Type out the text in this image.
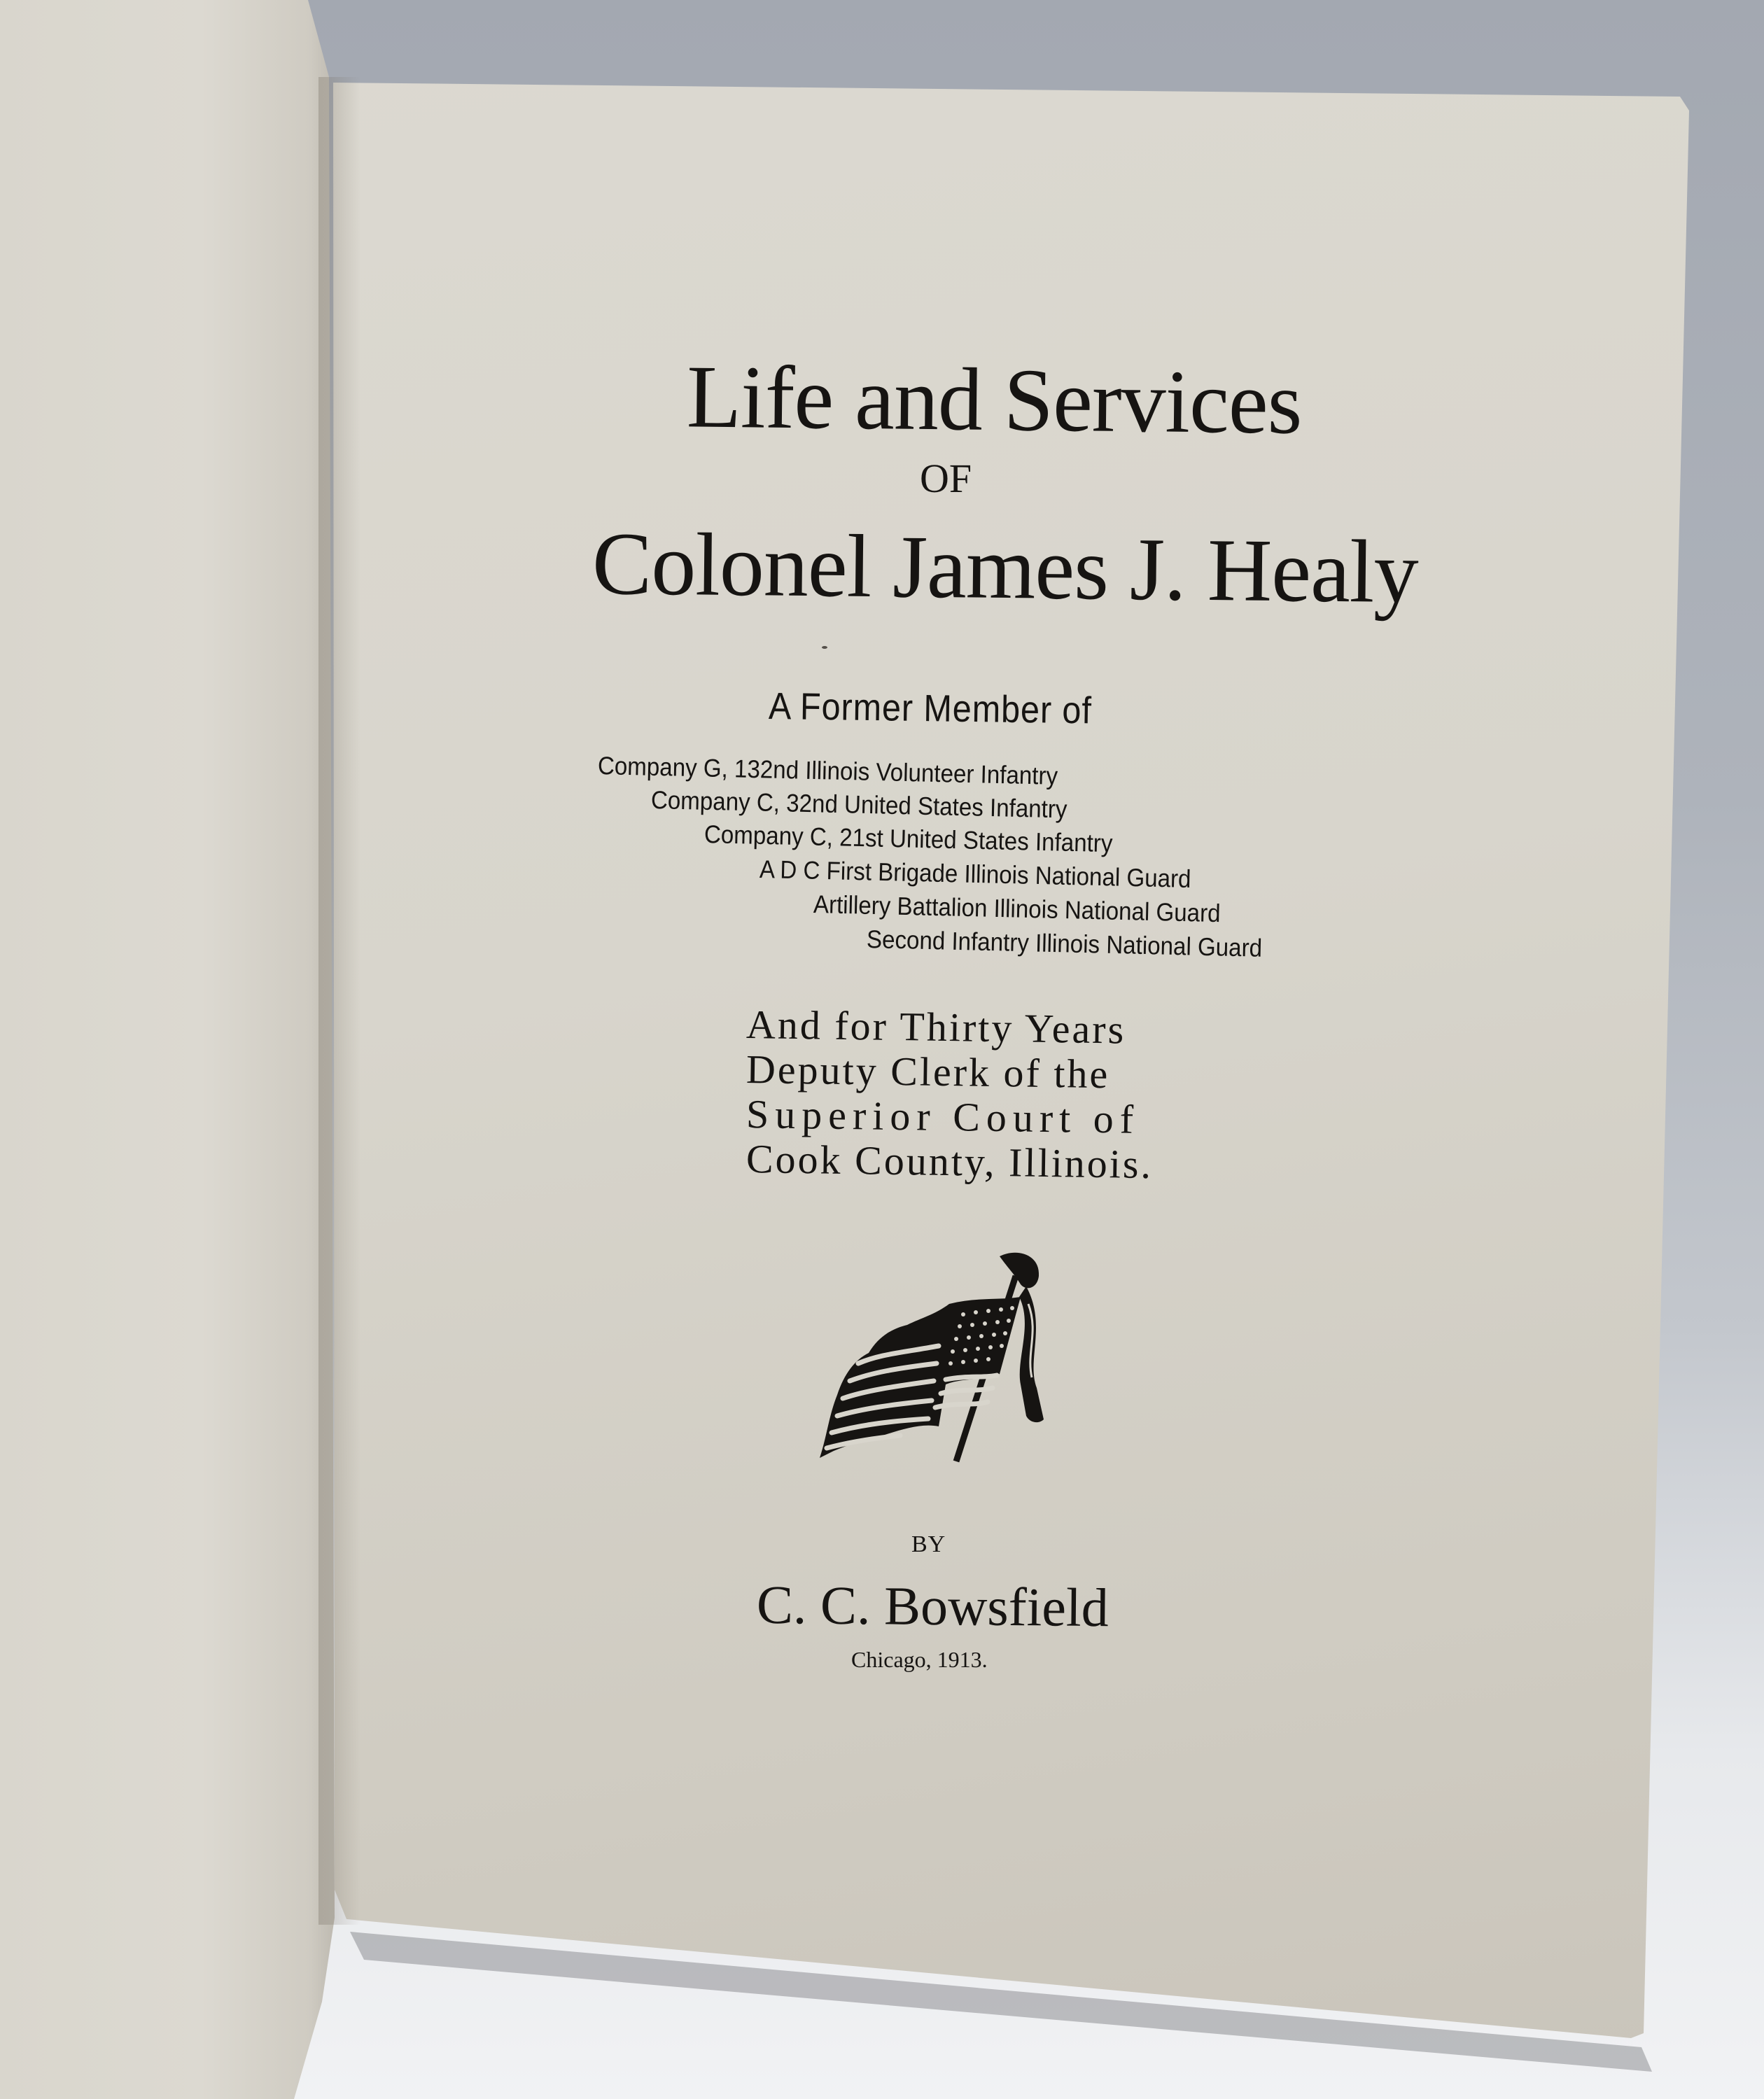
Life and Services
OF
Colonel James J. Healy
A Former Member of
Company G, 132nd Illinois Volunteer Infantry
Company C, 32nd United States Infantry
Company C, 21st United States Infantry
A D C First Brigade Illinois National Guard
Artillery Battalion Illinois National Guard
Second Infantry Illinois National Guard
And for Thirty Years
Deputy Clerk of the
Superior Court of
Cook County, Illinois.
BY
C. C. Bowsfield
Chicago, 1913.
